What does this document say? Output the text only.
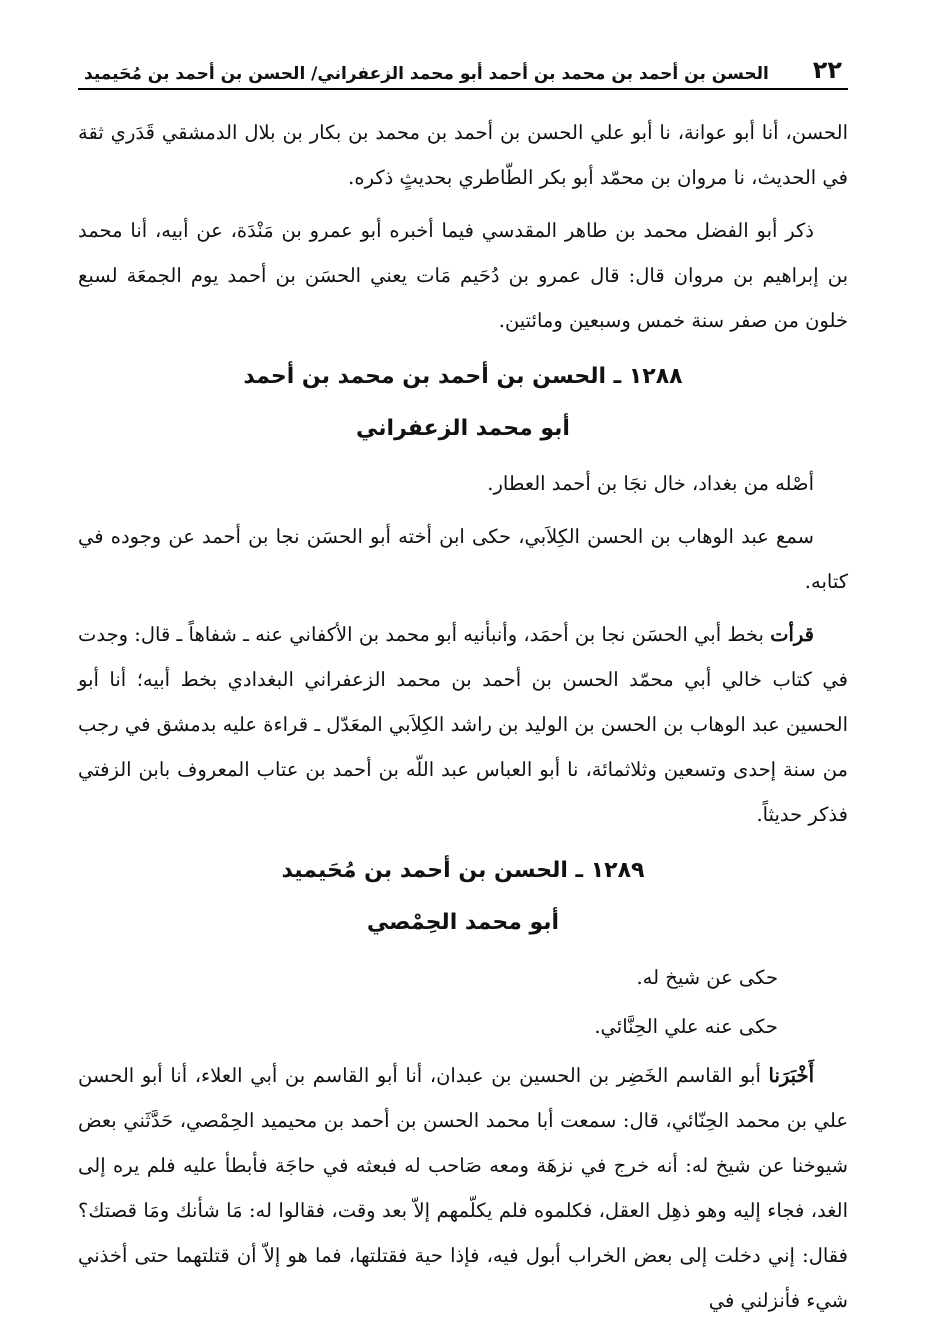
٢٢
الحسن بن أحمد بن محمد بن أحمد أبو محمد الزعفراني/ الحسن بن أحمد بن مُحَيميد

الحسن، أنا أبو عوانة، نا أبو علي الحسن بن أحمد بن محمد بن بكار بن بلال الدمشقي قَدَري ثقة في الحديث، نا مروان بن محمّد أبو بكر الطّاطري بحديثٍ ذكره.

ذكر أبو الفضل محمد بن طاهر المقدسي فيما أخبره أبو عمرو بن مَنْدَة، عن أبيه، أنا محمد بن إبراهيم بن مروان قال: قال عمرو بن دُحَيم مَات يعني الحسَن بن أحمد يوم الجمعَة لسبع خلون من صفر سنة خمس وسبعين ومائتين.

١٢٨٨ ـ الحسن بن أحمد بن محمد بن أحمد
أبو محمد الزعفراني

أصْله من بغداد، خال نجَا بن أحمد العطار.

سمع عبد الوهاب بن الحسن الكِلاَبي، حكى ابن أخته أبو الحسَن نجا بن أحمد عن وجوده في كتابه.

قرأت بخط أبي الحسَن نجا بن أحمَد، وأنبأنيه أبو محمد بن الأكفاني عنه ـ شفاهاً ـ قال: وجدت في كتاب خالي أبي محمّد الحسن بن أحمد بن محمد الزعفراني البغدادي بخط أبيه؛ أنا أبو الحسين عبد الوهاب بن الحسن بن الوليد بن راشد الكِلاَبي المعَدّل ـ قراءة عليه بدمشق في رجب من سنة إحدى وتسعين وثلاثمائة، نا أبو العباس عبد اللّه بن أحمد بن عتاب المعروف بابن الزفتي فذكر حديثاً.

١٢٨٩ ـ الحسن بن أحمد بن مُحَيميد
أبو محمد الحِمْصي

حكى عن شيخ له.

حكى عنه علي الحِنَّائي.

أَخْبَرَنا أبو القاسم الخَضِر بن الحسين بن عبدان، أنا أبو القاسم بن أبي العلاء، أنا أبو الحسن علي بن محمد الحِنّائي، قال: سمعت أبا محمد الحسن بن أحمد بن محيميد الحِمْصي، حَدَّثَني بعض شيوخنا عن شيخ له: أنه خرج في نزهَة ومعه صَاحب له فبعثه في حاجَة فأبطأ عليه فلم يره إلى الغد، فجاء إليه وهو ذهِل العقل، فكلموه فلم يكلّمهم إلاّ بعد وقت، فقالوا له: مَا شأنك ومَا قصتك؟ فقال: إني دخلت إلى بعض الخراب أبول فيه، فإذا حية فقتلتها، فما هو إلاّ أن قتلتهما حتى أخذني شيء فأنزلني في
